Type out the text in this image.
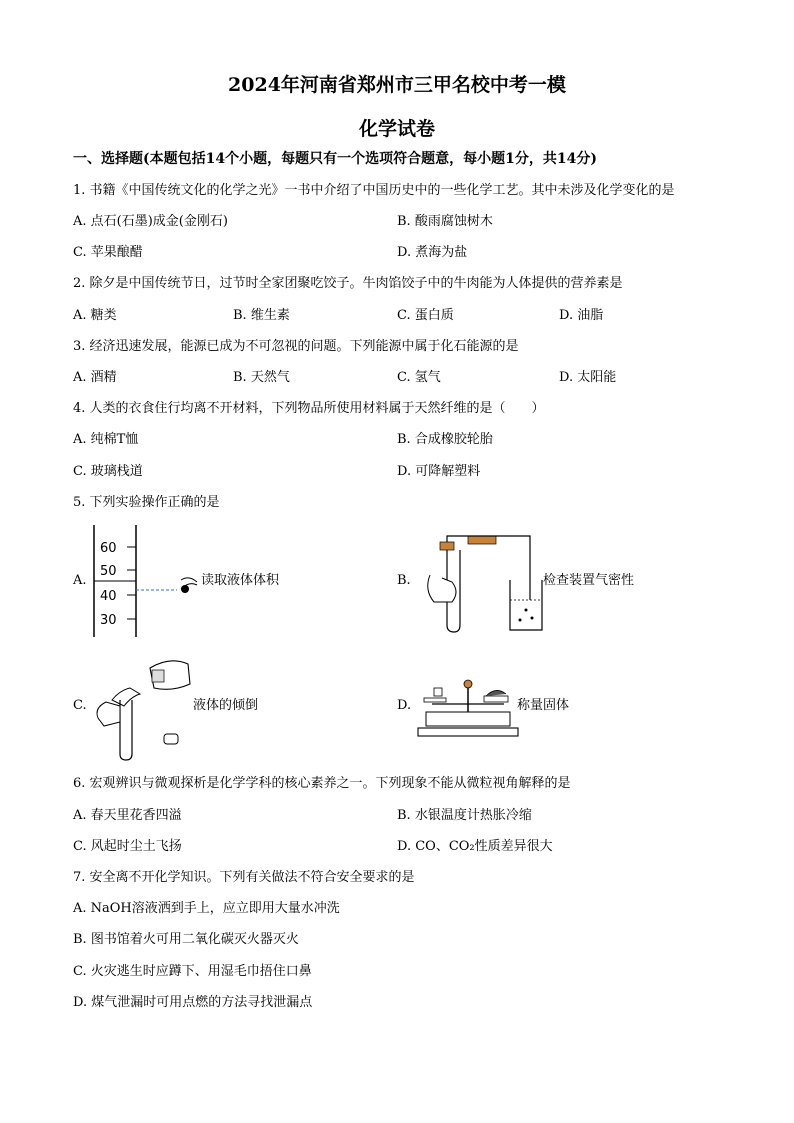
2024年河南省郑州市三甲名校中考一模
化学试卷
一、选择题(本题包括14个小题，每题只有一个选项符合题意，每小题1分，共14分)
1. 书籍《中国传统文化的化学之光》一书中介绍了中国历史中的一些化学工艺。其中未涉及化学变化的是
A. 点石(石墨)成金(金刚石)	B. 酸雨腐蚀树木
C. 苹果酿醋	D. 煮海为盐
2. 除夕是中国传统节日，过节时全家团聚吃饺子。牛肉馅饺子中的牛肉能为人体提供的营养素是
A. 糖类	B. 维生素	C. 蛋白质	D. 油脂
3. 经济迅速发展，能源已成为不可忽视的问题。下列能源中属于化石能源的是
A. 酒精	B. 天然气	C. 氢气	D. 太阳能
4. 人类的衣食住行均离不开材料，下列物品所使用材料属于天然纤维的是（　　）
A. 纯棉T恤	B. 合成橡胶轮胎
C. 玻璃栈道	D. 可降解塑料
5. 下列实验操作正确的是
A.
60
50
40
30
读取液体体积	B.	检查装置气密性
C.	液体的倾倒	D.	称量固体
6. 宏观辨识与微观探析是化学学科的核心素养之一。下列现象不能从微粒视角解释的是
A. 春天里花香四溢	B. 水银温度计热胀冷缩
C. 风起时尘土飞扬	D. CO、CO₂性质差异很大
7. 安全离不开化学知识。下列有关做法不符合安全要求的是
A. NaOH溶液洒到手上，应立即用大量水冲洗
B. 图书馆着火可用二氧化碳灭火器灭火
C. 火灾逃生时应蹲下、用湿毛巾捂住口鼻
D. 煤气泄漏时可用点燃的方法寻找泄漏点
